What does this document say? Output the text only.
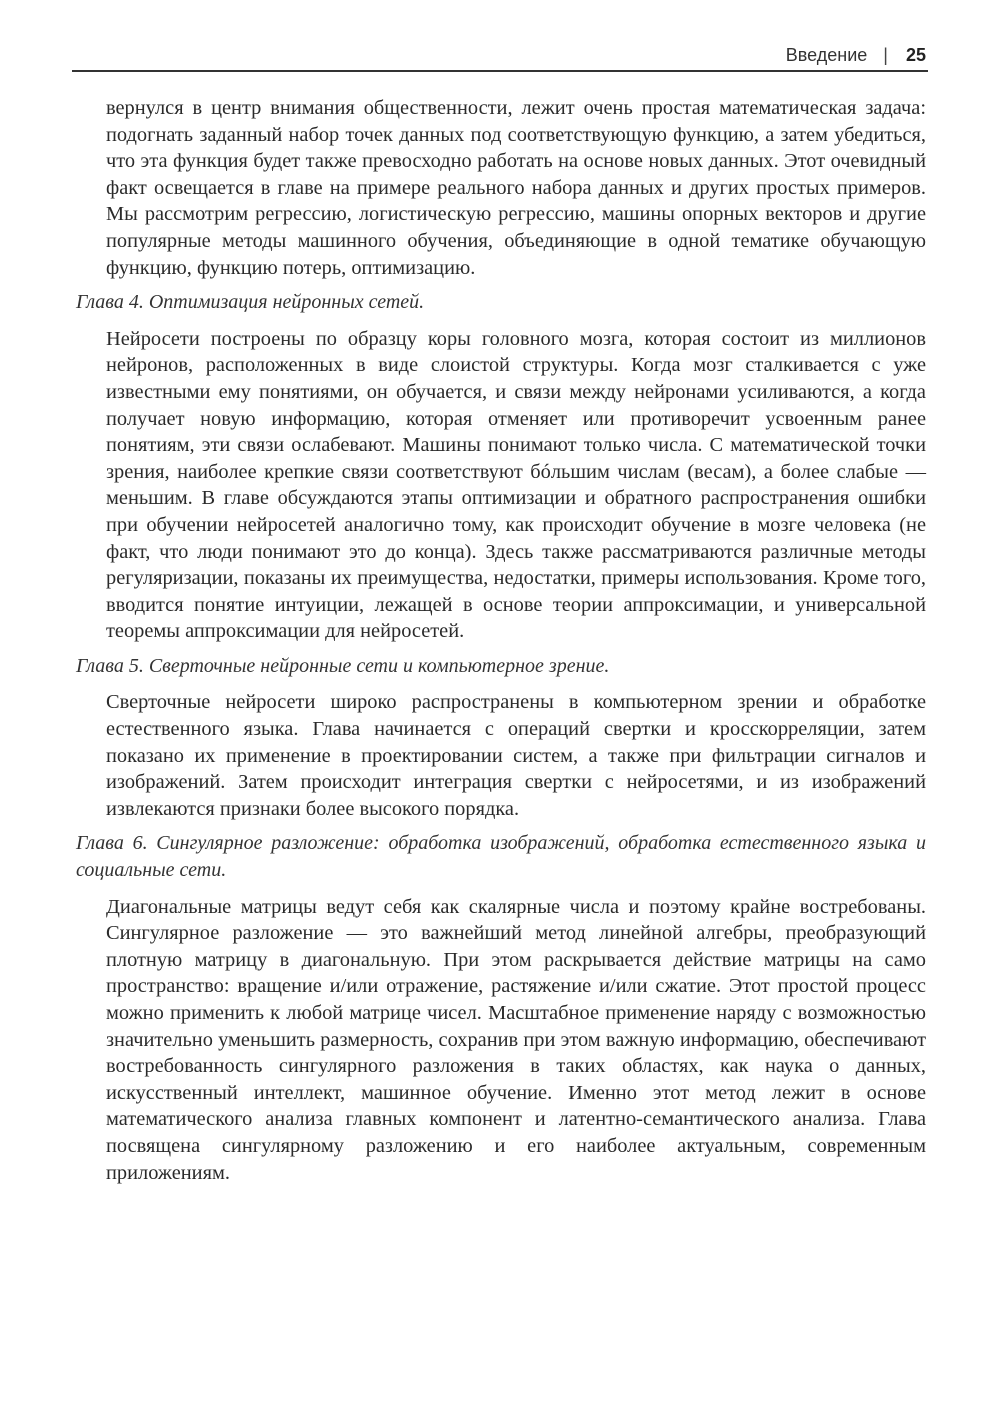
Введение | 25

вернулся в центр внимания общественности, лежит очень простая математическая задача: подогнать заданный набор точек данных под соответствующую функцию, а затем убедиться, что эта функция будет также превосходно работать на основе новых данных. Этот очевидный факт освещается в главе на примере реального набора данных и других простых примеров. Мы рассмотрим регрессию, логистическую регрессию, машины опорных векторов и другие популярные методы машинного обучения, объединяющие в одной тематике обучающую функцию, функцию потерь, оптимизацию.

Глава 4. Оптимизация нейронных сетей.

Нейросети построены по образцу коры головного мозга, которая состоит из миллионов нейронов, расположенных в виде слоистой структуры. Когда мозг сталкивается с уже известными ему понятиями, он обучается, и связи между нейронами усиливаются, а когда получает новую информацию, которая отменяет или противоречит усвоенным ранее понятиям, эти связи ослабевают. Машины понимают только числа. С математической точки зрения, наиболее крепкие связи соответствуют бóльшим числам (весам), а более слабые — меньшим. В главе обсуждаются этапы оптимизации и обратного распространения ошибки при обучении нейросетей аналогично тому, как происходит обучение в мозге человека (не факт, что люди понимают это до конца). Здесь также рассматриваются различные методы регуляризации, показаны их преимущества, недостатки, примеры использования. Кроме того, вводится понятие интуиции, лежащей в основе теории аппроксимации, и универсальной теоремы аппроксимации для нейросетей.

Глава 5. Сверточные нейронные сети и компьютерное зрение.

Сверточные нейросети широко распространены в компьютерном зрении и обработке естественного языка. Глава начинается с операций свертки и кросскорреляции, затем показано их применение в проектировании систем, а также при фильтрации сигналов и изображений. Затем происходит интеграция свертки с нейросетями, и из изображений извлекаются признаки более высокого порядка.

Глава 6. Сингулярное разложение: обработка изображений, обработка естественного языка и социальные сети.

Диагональные матрицы ведут себя как скалярные числа и поэтому крайне востребованы. Сингулярное разложение — это важнейший метод линейной алгебры, преобразующий плотную матрицу в диагональную. При этом раскрывается действие матрицы на само пространство: вращение и/или отражение, растяжение и/или сжатие. Этот простой процесс можно применить к любой матрице чисел. Масштабное применение наряду с возможностью значительно уменьшить размерность, сохранив при этом важную информацию, обеспечивают востребованность сингулярного разложения в таких областях, как наука о данных, искусственный интеллект, машинное обучение. Именно этот метод лежит в основе математического анализа главных компонент и латентно-семантического анализа. Глава посвящена сингулярному разложению и его наиболее актуальным, современным приложениям.
